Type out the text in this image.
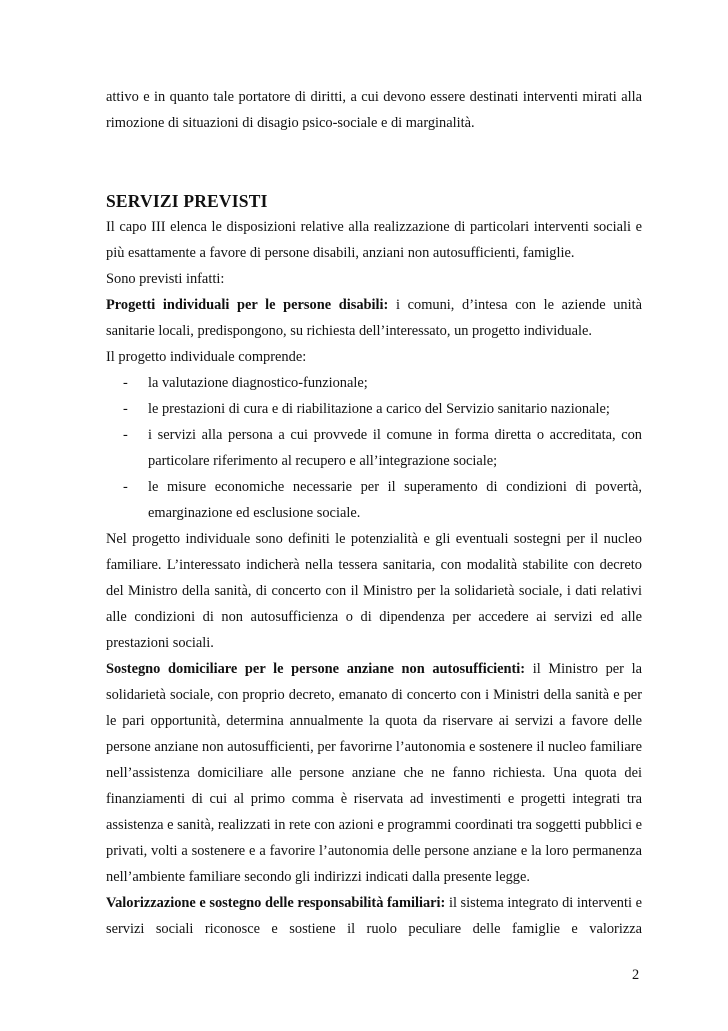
attivo e in quanto tale portatore di diritti, a cui devono essere destinati interventi mirati alla rimozione di situazioni di disagio psico-sociale e di marginalità.

SERVIZI PREVISTI

Il capo III elenca le disposizioni relative alla realizzazione di particolari interventi sociali e più esattamente a favore di persone disabili, anziani non autosufficienti, famiglie.

Sono previsti infatti:

Progetti individuali per le persone disabili: i comuni, d’intesa con le aziende unità sanitarie locali, predispongono, su richiesta dell’interessato, un progetto individuale.

Il progetto individuale comprende:

- la valutazione diagnostico-funzionale;
- le prestazioni di cura e di riabilitazione a carico del Servizio sanitario nazionale;
- i servizi alla persona a cui provvede il comune in forma diretta o accreditata, con particolare riferimento al recupero e all’integrazione sociale;
- le misure economiche necessarie per il superamento di condizioni di povertà, emarginazione ed esclusione sociale.

Nel progetto individuale sono definiti le potenzialità e gli eventuali sostegni per il nucleo familiare. L’interessato indicherà nella tessera sanitaria, con modalità stabilite con decreto del Ministro della sanità, di concerto con il Ministro per la solidarietà sociale, i dati relativi alle condizioni di non autosufficienza o di dipendenza per accedere ai servizi ed alle prestazioni sociali.

Sostegno domiciliare per le persone anziane non autosufficienti: il Ministro per la solidarietà sociale, con proprio decreto, emanato di concerto con i Ministri della sanità e per le pari opportunità, determina annualmente la quota da riservare ai servizi a favore delle persone anziane non autosufficienti, per favorirne l’autonomia e sostenere il nucleo familiare nell’assistenza domiciliare alle persone anziane che ne fanno richiesta. Una quota dei finanziamenti di cui al primo comma è riservata ad investimenti e progetti integrati tra assistenza e sanità, realizzati in rete con azioni e programmi coordinati tra soggetti pubblici e privati, volti a sostenere e a favorire l’autonomia delle persone anziane e la loro permanenza nell’ambiente familiare secondo gli indirizzi indicati dalla presente legge.

Valorizzazione e sostegno delle responsabilità familiari: il sistema integrato di interventi e servizi sociali riconosce e sostiene il ruolo peculiare delle famiglie e valorizza

2
